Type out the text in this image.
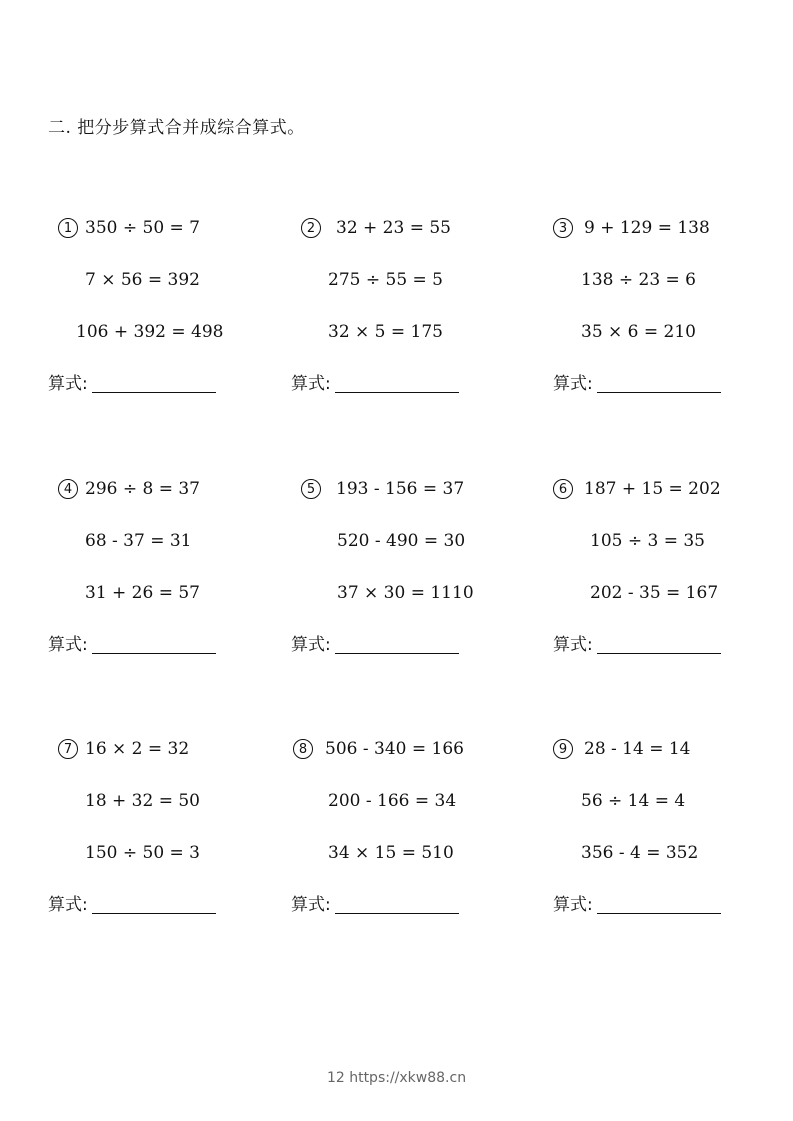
二. 把分步算式合并成综合算式。
1 350 ÷ 50 = 7
7 × 56 = 392
106 + 392 = 498
算式:
2	32 + 23 = 55
275 ÷ 55 = 5
32 × 5 = 175
算式:
3 9 + 129 = 138
138 ÷ 23 = 6
35 × 6 = 210
算式:
4 296 ÷ 8 = 37
68 - 37 = 31
31 + 26 = 57
算式:
5	193 - 156 = 37
520 - 490 = 30
37 × 30 = 1110
算式:
6 187 + 15 = 202
105 ÷ 3 = 35
202 - 35 = 167
算式:
7 16 × 2 = 32
18 + 32 = 50
150 ÷ 50 = 3
算式:
8	506 - 340 = 166
200 - 166 = 34
34 × 15 = 510
算式:
9 28 - 14 = 14
56 ÷ 14 = 4
356 - 4 = 352
算式:
12 https://xkw88.cn
